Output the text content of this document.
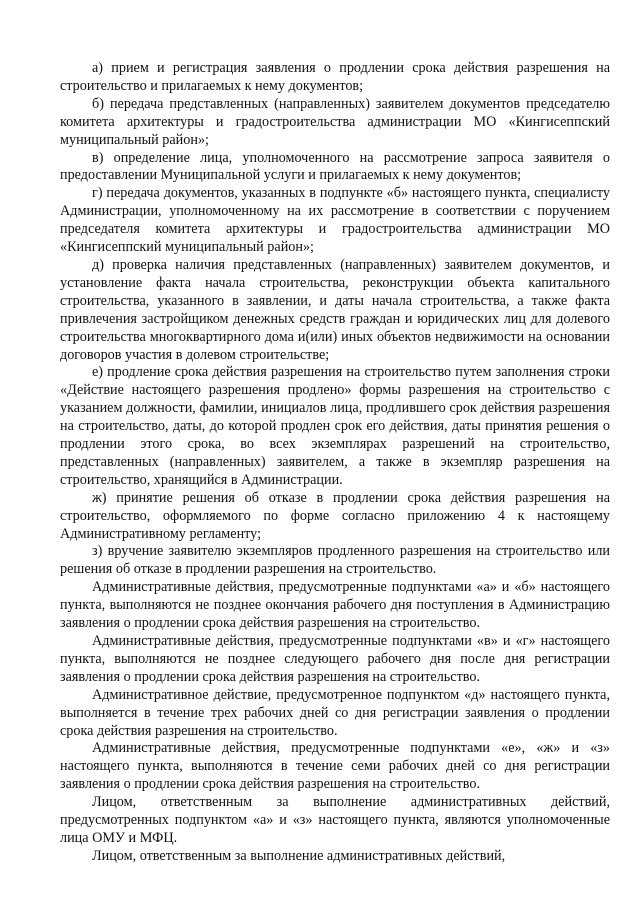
а) прием и регистрация заявления о продлении срока действия разрешения на строительство и прилагаемых к нему документов;

б) передача представленных (направленных) заявителем документов председателю комитета архитектуры и градостроительства администрации МО «Кингисеппский муниципальный район»;

в) определение лица, уполномоченного на рассмотрение запроса заявителя о предоставлении Муниципальной услуги и прилагаемых к нему документов;

г) передача документов, указанных в подпункте «б» настоящего пункта, специалисту Администрации, уполномоченному на их рассмотрение в соответствии с поручением председателя комитета архитектуры и градостроительства администрации МО «Кингисеппский муниципальный район»;

д) проверка наличия представленных (направленных) заявителем документов, и установление факта начала строительства, реконструкции объекта капитального строительства, указанного в заявлении, и даты начала строительства, а также факта привлечения застройщиком денежных средств граждан и юридических лиц для долевого строительства многоквартирного дома и(или) иных объектов недвижимости на основании договоров участия в долевом строительстве;

е) продление срока действия разрешения на строительство путем заполнения строки «Действие настоящего разрешения продлено» формы разрешения на строительство с указанием должности, фамилии, инициалов лица, продлившего срок действия разрешения на строительство, даты, до которой продлен срок его действия, даты принятия решения о продлении этого срока, во всех экземплярах разрешений на строительство, представленных (направленных) заявителем, а также в экземпляр разрешения на строительство, хранящийся в Администрации.

ж) принятие решения об отказе в продлении срока действия разрешения на строительство, оформляемого по форме согласно приложению 4 к настоящему Административному регламенту;

з) вручение заявителю экземпляров продленного разрешения на строительство или решения об отказе в продлении разрешения на строительство.

Административные действия, предусмотренные подпунктами «а» и «б» настоящего пункта, выполняются не позднее окончания рабочего дня поступления в Администрацию заявления о продлении срока действия разрешения на строительство.

Административные действия, предусмотренные подпунктами «в» и «г» настоящего пункта, выполняются не позднее следующего рабочего дня после дня регистрации заявления о продлении срока действия разрешения на строительство.

Административное действие, предусмотренное подпунктом «д» настоящего пункта, выполняется в течение трех рабочих дней со дня регистрации заявления о продлении срока действия разрешения на строительство.

Административные действия, предусмотренные подпунктами «е», «ж» и «з» настоящего пункта, выполняются в течение семи рабочих дней со дня регистрации заявления о продлении срока действия разрешения на строительство.

Лицом, ответственным за выполнение административных действий, предусмотренных подпунктом «а» и «з» настоящего пункта, являются уполномоченные лица ОМУ и МФЦ.

Лицом, ответственным за выполнение административных действий,
